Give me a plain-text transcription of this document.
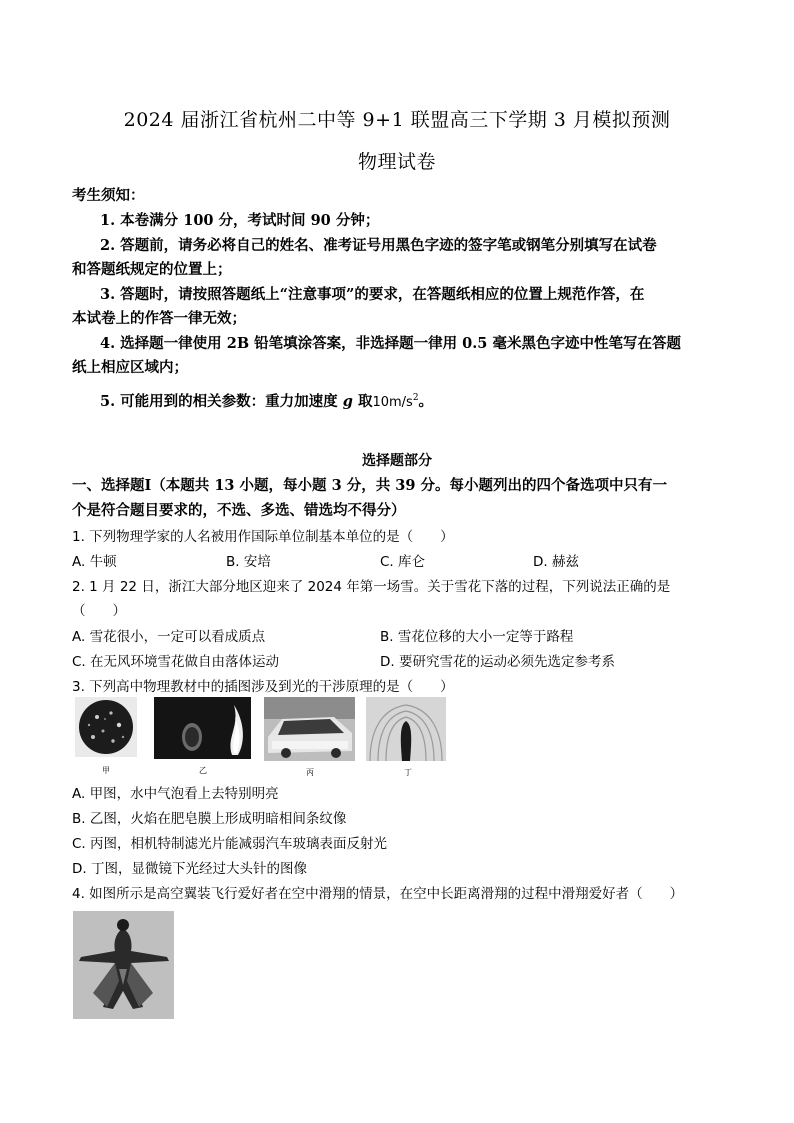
2024 届浙江省杭州二中等 9+1 联盟高三下学期 3 月模拟预测
物理试卷
考生须知：
1. 本卷满分 100 分，考试时间 90 分钟；
2. 答题前，请务必将自己的姓名、准考证号用黑色字迹的签字笔或钢笔分别填写在试卷
和答题纸规定的位置上；
3. 答题时，请按照答题纸上“注意事项”的要求，在答题纸相应的位置上规范作答，在
本试卷上的作答一律无效；
4. 选择题一律使用 2B 铅笔填涂答案，非选择题一律用 0.5 毫米黑色字迹中性笔写在答题
纸上相应区域内；
5. 可能用到的相关参数：重力加速度 g 取$10m/s^2$。
选择题部分
一、选择题Ⅰ（本题共 13 小题，每小题 3 分，共 39 分。每小题列出的四个备选项中只有一
个是符合题目要求的，不选、多选、错选均不得分）
1. 下列物理学家的人名被用作国际单位制基本单位的是（　　）
A. 牛顿	B. 安培	C. 库仑	D. 赫兹
2. 1 月 22 日，浙江大部分地区迎来了 2024 年第一场雪。关于雪花下落的过程，下列说法正确的是
（　　）
A. 雪花很小，一定可以看成质点	B. 雪花位移的大小一定等于路程
C. 在无风环境雪花做自由落体运动	D. 要研究雪花的运动必须先选定参考系
3. 下列高中物理教材中的插图涉及到光的干涉原理的是（　　）
甲	乙	丙	丁
A. 甲图，水中气泡看上去特别明亮
B. 乙图，火焰在肥皂膜上形成明暗相间条纹像
C. 丙图，相机特制滤光片能减弱汽车玻璃表面反射光
D. 丁图，显微镜下光经过大头针的图像
4. 如图所示是高空翼装飞行爱好者在空中滑翔的情景，在空中长距离滑翔的过程中滑翔爱好者（　　）
